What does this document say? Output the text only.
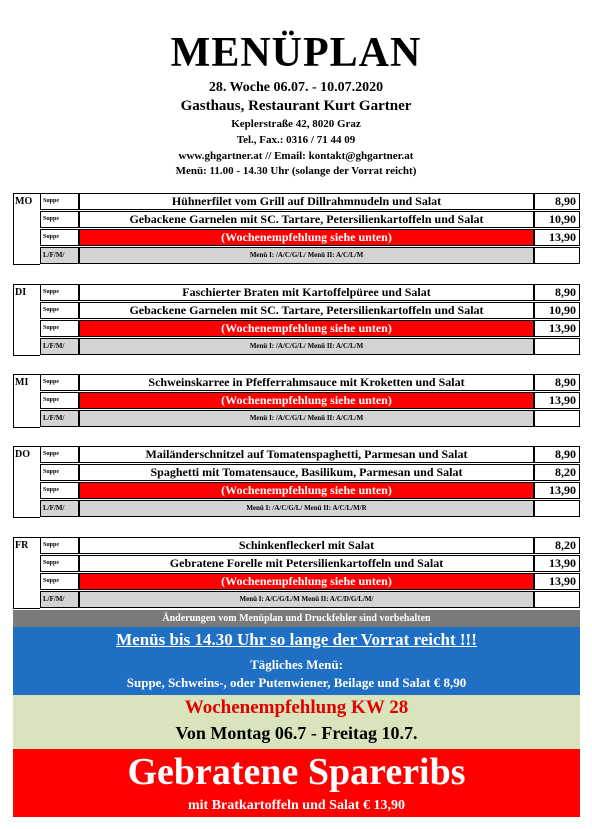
MENÜPLAN
28. Woche 06.07. - 10.07.2020
Gasthaus, Restaurant Kurt Gartner
Keplerstraße 42, 8020 Graz
Tel., Fax.: 0316 / 71 44 09
www.ghgartner.at // Email: kontakt@ghgartner.at
Menü: 11.00 - 14.30 Uhr (solange der Vorrat reicht)
MO	Suppe	Hühnerfilet vom Grill auf Dillrahmnudeln und Salat	8,90
Suppe	Gebackene Garnelen mit SC. Tartare, Petersilienkartoffeln und Salat	10,90
Suppe	(Wochenempfehlung siehe unten)	13,90
L/F/M/	Menü I: /A/C/G/L/ Menü II: A/C/L/M
DI	Suppe	Faschierter Braten mit Kartoffelpüree und Salat	8,90
Suppe	Gebackene Garnelen mit SC. Tartare, Petersilienkartoffeln und Salat	10,90
Suppe	(Wochenempfehlung siehe unten)	13,90
L/F/M/	Menü I: /A/C/G/L/ Menü II: A/C/L/M
MI	Suppe	Schweinskarree in Pfefferrahmsauce mit Kroketten und Salat	8,90
Suppe	(Wochenempfehlung siehe unten)	13,90
L/F/M/	Menü I: /A/C/G/L/ Menü II: A/C/L/M
DO	Suppe	Mailänderschnitzel auf Tomatenspaghetti, Parmesan und Salat	8,90
Suppe	Spaghetti mit Tomatensauce, Basilikum, Parmesan und Salat	8,20
Suppe	(Wochenempfehlung siehe unten)	13,90
L/F/M/	Menü I: /A/C/G/L/ Menü II: A/C/L/M/R
FR	Suppe	Schinkenfleckerl mit Salat	8,20
Suppe	Gebratene Forelle mit Petersilienkartoffeln und Salat	13,90
Suppe	(Wochenempfehlung siehe unten)	13,90
L/F/M/	Menü I: A/C/G/L/M Menü II: A/C/D/G/L/M/
Änderungen vom Menüplan und Druckfehler sind vorbehalten
Menüs bis 14.30 Uhr so lange der Vorrat reicht !!!
Tägliches Menü:
Suppe, Schweins-, oder Putenwiener, Beilage und Salat € 8,90
Wochenempfehlung KW 28
Von Montag 06.7 - Freitag 10.7.
Gebratene Spareribs
mit Bratkartoffeln und Salat € 13,90
